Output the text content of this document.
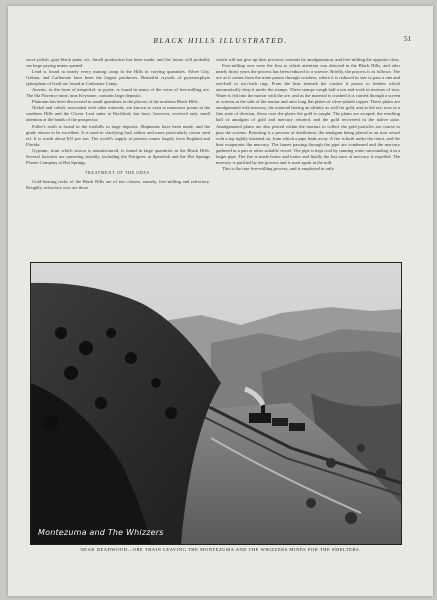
BLACK HILLS ILLUSTRATED.	51

stove polish, gray-black paint, etc. Small production has been made, and the future will probably see large paying mines opened.

Lead is found in nearly every mining camp in the Hills in varying quantities. Silver City, Galena, and Carbonate have been the largest producers. Beautiful crystals of pyromorphyte (phosphate of lead) are found at Carbonate Camp.

Arsenic, in the form of mispickel, or pyrite, is found in many of the veins of free-milling ore. The Ida Florence mine, near Keystone, contains large deposits.

Platinum has been discovered in small quantities in the placers of the northern Black Hills.

Nickel and cobalt, associated with other minerals, are known to exist at numerous points in the southern Hills and the Clover Leaf mine at Rochford, but have, however, received only small attention at the hands of the prospector.

Fuller's earth is found in the foothills in large deposits. Shipments have been made, and the grade shown to be excellent. It is used in clarifying lard, tallow and more particularly cotton seed oil. It is worth about $15 per ton. The world's supply at present comes largely from England and Florida.

Gypsum, from which stucco is manufactured, is found in large quantities in the Black Hills. Several factories are operating steadily, including the Pettigrew at Spearfish and the Hot Springs Plaster Company at Hot Springs.

TREATMENT OF THE ORES.

Gold-bearing rocks of the Black Hills are of two classes, namely, free-milling and refractory. Roughly, refractory ores are those

which will not give up their precious contents by amalgamation, and free-milling the opposite class.

Free-milling ores were the first to which attention was directed in the Black Hills, and after nearly thirty years the process has been reduced to a science. Briefly, the process is as follows: The ore as it comes from the mine passes through crushers, where it is reduced in size to pass a one and one-half to two-inch ring. From the bins beneath the crusher it passes to feeders which automatically drop it under the stamps. These stamps weigh half a ton and work in mortars of iron. Water is fed into the mortar with the ore, and as the material is crushed it is carried through a screen or screens at the side of the mortar and onto long flat plates of silver-plated copper. These plates are amalgamated with mercury, the material having an affinity as well for gold, and as the ore, now in a fine state of division, flows over the plates the gold is caught. The plates are scraped, the resulting ball of amalgam of gold and mercury retorted, and the gold recovered in the native state. Amalgamated plates are also placed within the mortars to collect the gold particles too coarse to pass the screens. Retorting is a process of distillation, the amalgam being placed in an iron vessel with a top tightly fastened on, from which a pipe leads away. A fire is built under the retort, and the heat evaporates the mercury. The fumes passing through the pipe are condensed and the mercury gathered in a pan or other suitable vessel. The pipe is kept cool by running water surrounding it in a larger pipe. The fire is made hotter and hotter and finally the last trace of mercury is expelled. The mercury is purified by the process and is used again in the mill.

This is the true free-milling process, and is employed in only

Montezuma and The Whizzers
NEAR DEADWOOD—ORE TRAIN LEAVING THE MONTEZUMA AND THE WHIZZERS MINES FOR THE SMELTERS.
